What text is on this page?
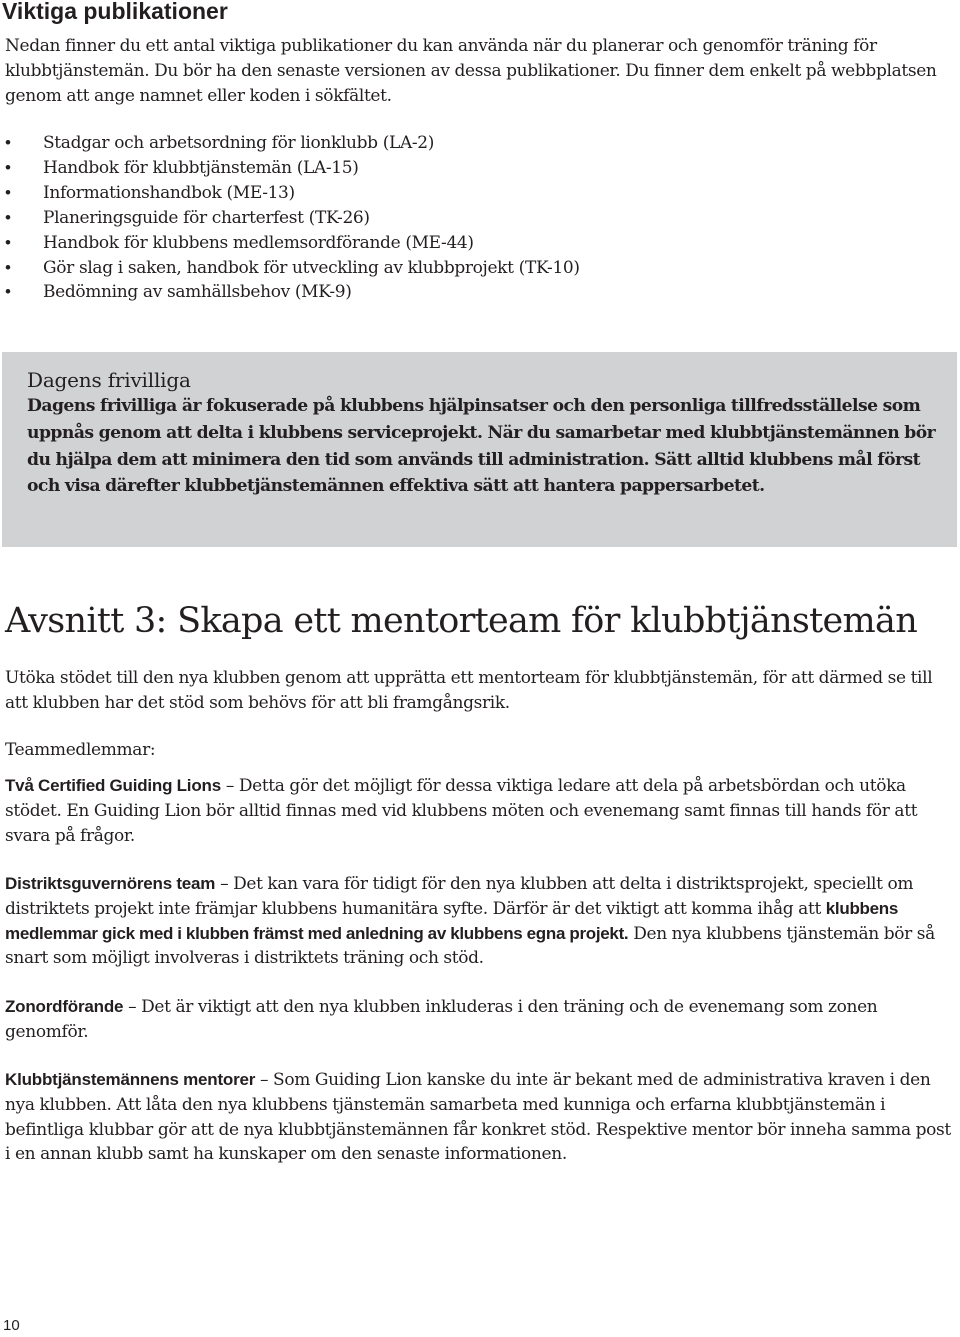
Viktiga publikationer

Nedan finner du ett antal viktiga publikationer du kan använda när du planerar och genomför träning för klubbtjänstemän. Du bör ha den senaste versionen av dessa publikationer. Du finner dem enkelt på webbplatsen genom att ange namnet eller koden i sökfältet.

• Stadgar och arbetsordning för lionklubb (LA-2)
• Handbok för klubbtjänstemän (LA-15)
• Informationshandbok (ME-13)
• Planeringsguide för charterfest (TK-26)
• Handbok för klubbens medlemsordförande (ME-44)
• Gör slag i saken, handbok för utveckling av klubbprojekt (TK-10)
• Bedömning av samhällsbehov (MK-9)
Dagens frivilliga

Dagens frivilliga är fokuserade på klubbens hjälpinsatser och den personliga tillfredsställelse som uppnås genom att delta i klubbens serviceprojekt. När du samarbetar med klubbtjänstemännen bör du hjälpa dem att minimera den tid som används till administration. Sätt alltid klubbens mål först och visa därefter klubbetjänstemännen effektiva sätt att hantera pappersarbetet.

Avsnitt 3: Skapa ett mentorteam för klubbtjänstemän

Utöka stödet till den nya klubben genom att upprätta ett mentorteam för klubbtjänstemän, för att därmed se till att klubben har det stöd som behövs för att bli framgångsrik.

Teammedlemmar:

Två Certified Guiding Lions – Detta gör det möjligt för dessa viktiga ledare att dela på arbetsbördan och utöka stödet. En Guiding Lion bör alltid finnas med vid klubbens möten och evenemang samt finnas till hands för att svara på frågor.

Distriktsguvernörens team – Det kan vara för tidigt för den nya klubben att delta i distriktsprojekt, speciellt om distriktets projekt inte främjar klubbens humanitära syfte. Därför är det viktigt att komma ihåg att klubbens medlemmar gick med i klubben främst med anledning av klubbens egna projekt. Den nya klubbens tjänstemän bör så snart som möjligt involveras i distriktets träning och stöd.

Zonordförande – Det är viktigt att den nya klubben inkluderas i den träning och de evenemang som zonen genomför.

Klubbtjänstemännens mentorer – Som Guiding Lion kanske du inte är bekant med de administrativa kraven i den nya klubben. Att låta den nya klubbens tjänstemän samarbeta med kunniga och erfarna klubbtjänstemän i befintliga klubbar gör att de nya klubbtjänstemännen får konkret stöd. Respektive mentor bör inneha samma post i en annan klubb samt ha kunskaper om den senaste informationen.

10
